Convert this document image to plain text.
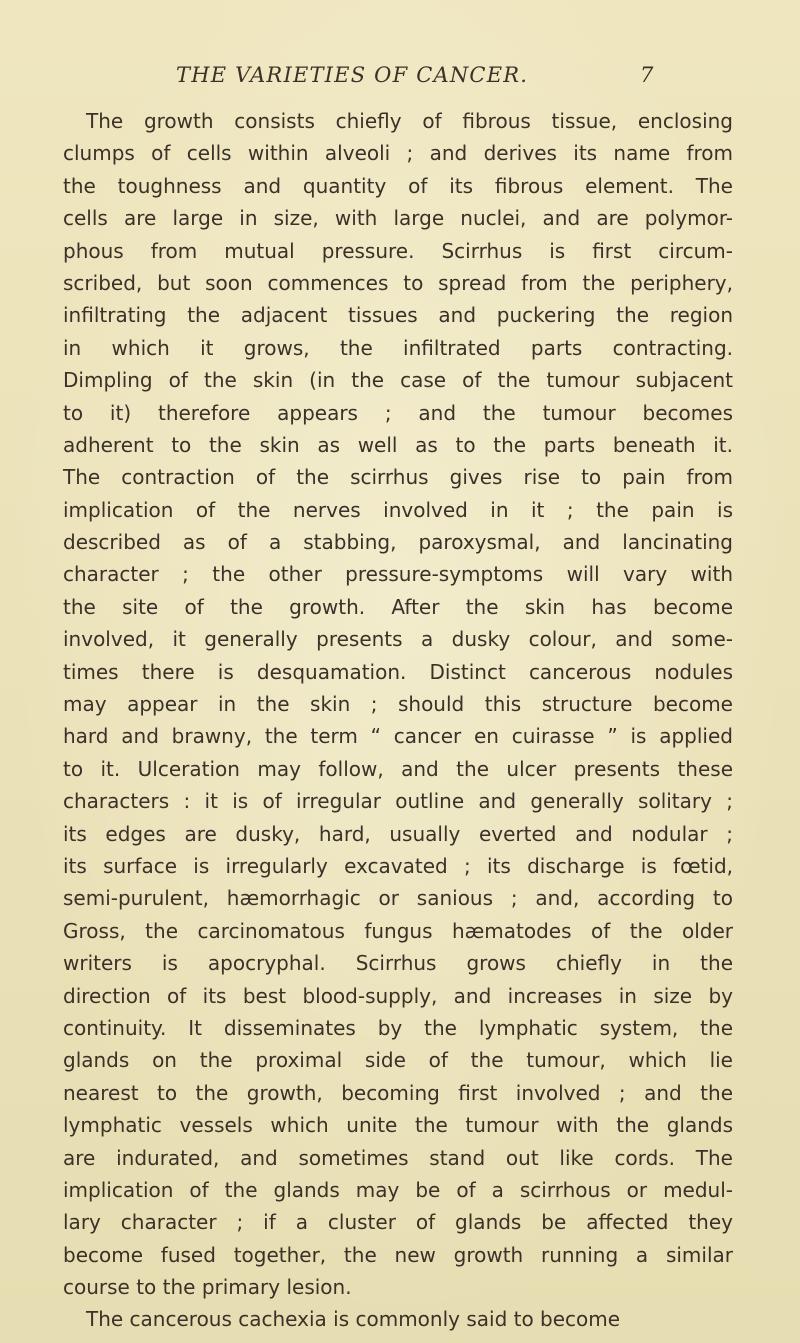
THE VARIETIES OF CANCER.	7
The growth consists chiefly of fibrous tissue, enclosing
clumps of cells within alveoli ; and derives its name from
the toughness and quantity of its fibrous element. The
cells are large in size, with large nuclei, and are polymor-
phous from mutual pressure. Scirrhus is first circum-
scribed, but soon commences to spread from the periphery,
infiltrating the adjacent tissues and puckering the region
in which it grows, the infiltrated parts contracting.
Dimpling of the skin (in the case of the tumour subjacent
to it) therefore appears ; and the tumour becomes
adherent to the skin as well as to the parts beneath it.
The contraction of the scirrhus gives rise to pain from
implication of the nerves involved in it ; the pain is
described as of a stabbing, paroxysmal, and lancinating
character ; the other pressure-symptoms will vary with
the site of the growth. After the skin has become
involved, it generally presents a dusky colour, and some-
times there is desquamation. Distinct cancerous nodules
may appear in the skin ; should this structure become
hard and brawny, the term “ cancer en cuirasse ” is applied
to it. Ulceration may follow, and the ulcer presents these
characters : it is of irregular outline and generally solitary ;
its edges are dusky, hard, usually everted and nodular ;
its surface is irregularly excavated ; its discharge is fœtid,
semi-purulent, hæmorrhagic or sanious ; and, according to
Gross, the carcinomatous fungus hæmatodes of the older
writers is apocryphal. Scirrhus grows chiefly in the
direction of its best blood-supply, and increases in size by
continuity. It disseminates by the lymphatic system, the
glands on the proximal side of the tumour, which lie
nearest to the growth, becoming first involved ; and the
lymphatic vessels which unite the tumour with the glands
are indurated, and sometimes stand out like cords. The
implication of the glands may be of a scirrhous or medul-
lary character ; if a cluster of glands be affected they
become fused together, the new growth running a similar
course to the primary lesion.
The cancerous cachexia is commonly said to become
